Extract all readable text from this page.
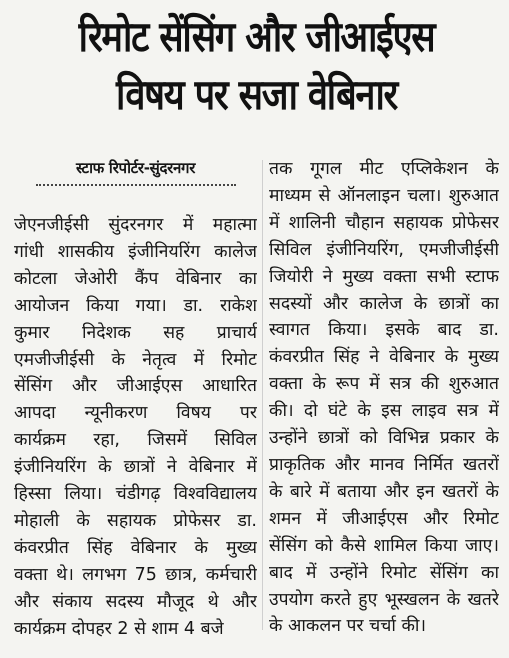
रिमोट सेंसिंग और जीआईएस
विषय पर सजा वेबिनार
स्टाफ रिपोर्टर-सुंदरनगर
जेएनजीईसी सुंदरनगर में महात्मा
गांधी शासकीय इंजीनियरिंग कालेज
कोटला जेओरी कैंप वेबिनार का
आयोजन किया गया। डा. राकेश
कुमार निदेशक सह प्राचार्य
एमजीजीईसी के नेतृत्व में रिमोट
सेंसिंग और जीआईएस आधारित
आपदा न्यूनीकरण विषय पर
कार्यक्रम रहा, जिसमें सिविल
इंजीनियरिंग के छात्रों ने वेबिनार में
हिस्सा लिया। चंडीगढ़ विश्वविद्यालय
मोहाली के सहायक प्रोफेसर डा.
कंवरप्रीत सिंह वेबिनार के मुख्य
वक्ता थे। लगभग 75 छात्र, कर्मचारी
और संकाय सदस्य मौजूद थे और
कार्यक्रम दोपहर 2 से शाम 4 बजे
तक गूगल मीट एप्लिकेशन के
माध्यम से ऑनलाइन चला। शुरुआत
में शालिनी चौहान सहायक प्रोफेसर
सिविल इंजीनियरिंग, एमजीजीईसी
जियोरी ने मुख्य वक्ता सभी स्टाफ
सदस्यों और कालेज के छात्रों का
स्वागत किया। इसके बाद डा.
कंवरप्रीत सिंह ने वेबिनार के मुख्य
वक्ता के रूप में सत्र की शुरुआत
की। दो घंटे के इस लाइव सत्र में
उन्होंने छात्रों को विभिन्न प्रकार के
प्राकृतिक और मानव निर्मित खतरों
के बारे में बताया और इन खतरों के
शमन में जीआईएस और रिमोट
सेंसिंग को कैसे शामिल किया जाए।
बाद में उन्होंने रिमोट सेंसिंग का
उपयोग करते हुए भूस्खलन के खतरे
के आकलन पर चर्चा की।
